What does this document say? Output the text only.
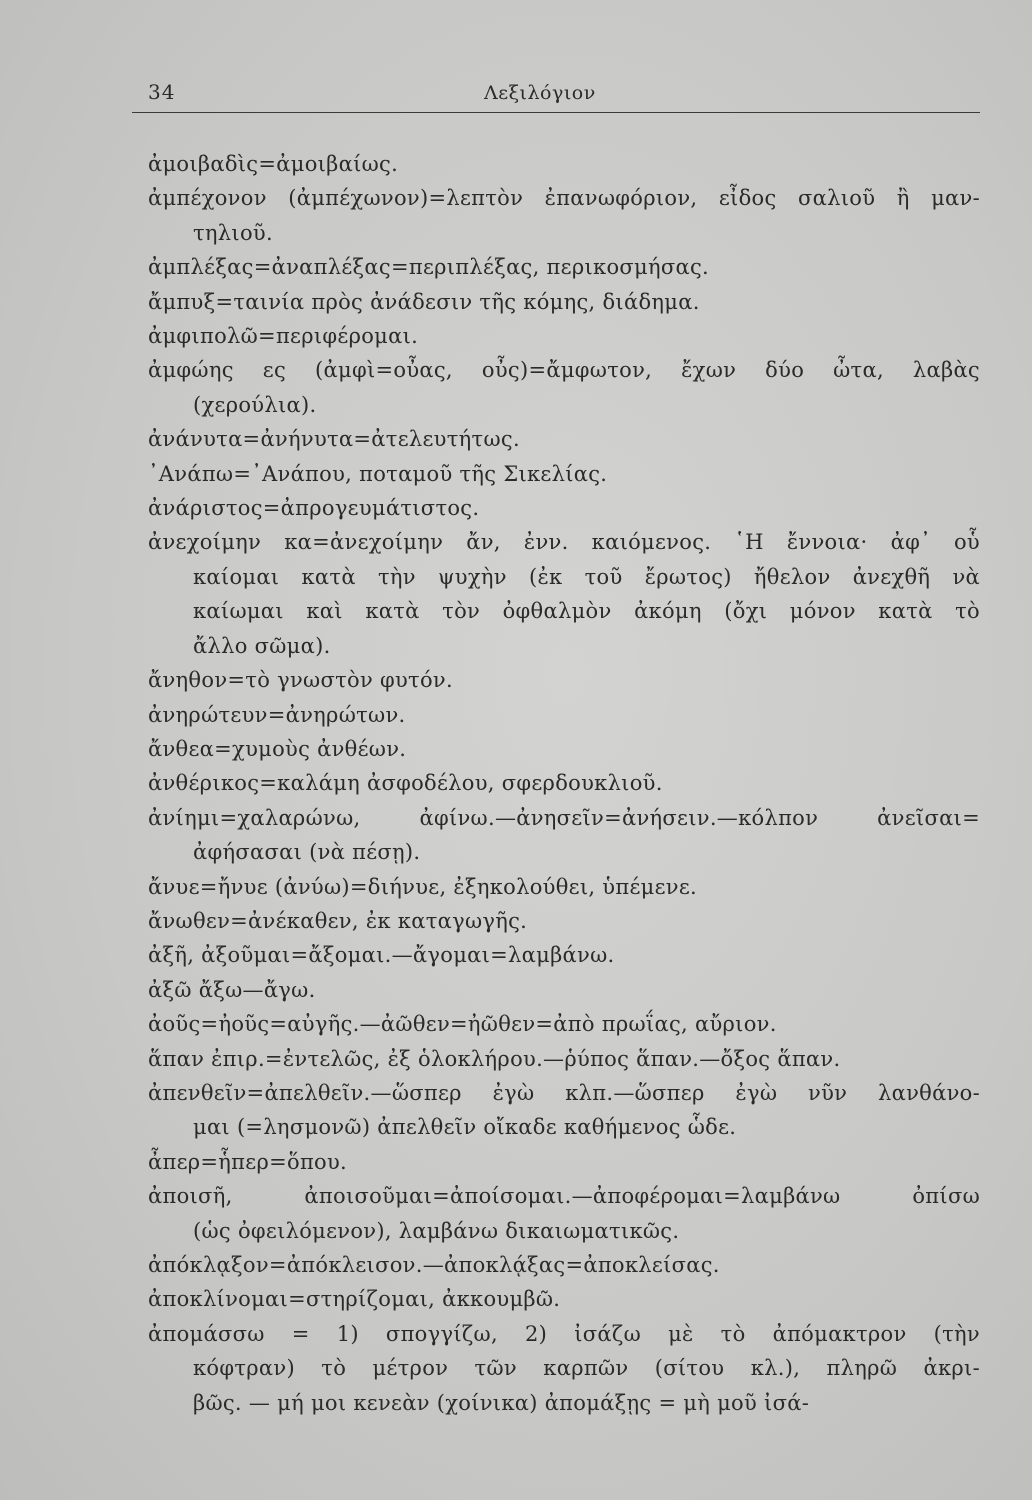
34	Λεξιλόγιον
ἀμοιβαδὶς=ἀμοιβαίως.
ἀμπέχονον (ἀμπέχωνον)=λεπτὸν ἐπανωφόριον, εἶδος σαλιοῦ ἢ μαν-
τηλιοῦ.
ἀμπλέξας=ἀναπλέξας=περιπλέξας, περικοσμήσας.
ἄμπυξ=ταινία πρὸς ἀνάδεσιν τῆς κόμης, διάδημα.
ἀμφιπολῶ=περιφέρομαι.
ἀμφώης ες (ἀμφὶ=οὖας, οὖς)=ἄμφωτον, ἔχων δύο ὦτα, λαβὰς
(χερούλια).
ἀνάνυτα=ἀνήνυτα=ἀτελευτήτως.
᾿Ανάπω=᾿Ανάπου, ποταμοῦ τῆς Σικελίας.
ἀνάριστος=ἀπρογευμάτιστος.
ἀνεχοίμην κα=ἀνεχοίμην ἄν, ἐνν. καιόμενος. ῾Η ἔννοια· ἀφ᾿ οὗ
καίομαι κατὰ τὴν ψυχὴν (ἐκ τοῦ ἔρωτος) ἤθελον ἀνεχθῆ νὰ
καίωμαι καὶ κατὰ τὸν ὀφθαλμὸν ἀκόμη (ὄχι μόνον κατὰ τὸ
ἄλλο σῶμα).
ἄνηθον=τὸ γνωστὸν φυτόν.
ἀνηρώτευν=ἀνηρώτων.
ἄνθεα=χυμοὺς ἀνθέων.
ἀνθέρικος=καλάμη ἀσφοδέλου, σφερδουκλιοῦ.
ἀνίημι=χαλαρώνω, ἀφίνω.—ἀνησεῖν=ἀνήσειν.—κόλπον ἀνεῖσαι=
ἀφήσασαι (νὰ πέσῃ).
ἄνυε=ἤνυε (ἀνύω)=διήνυε, ἐξηκολούθει, ὑπέμενε.
ἄνωθεν=ἀνέκαθεν, ἐκ καταγωγῆς.
ἀξῆ, ἀξοῦμαι=ἄξομαι.—ἄγομαι=λαμβάνω.
ἀξῶ ἄξω—ἄγω.
ἀοῦς=ἠοῦς=αὐγῆς.—ἀῶθεν=ἠῶθεν=ἀπὸ πρωΐας, αὔριον.
ἅπαν ἐπιρ.=ἐντελῶς, ἐξ ὁλοκλήρου.—ῥύπος ἅπαν.—ὄξος ἅπαν.
ἀπενθεῖν=ἀπελθεῖν.—ὥσπερ ἐγὼ κλπ.—ὥσπερ ἐγὼ νῦν λανθάνο-
μαι (=λησμονῶ) ἀπελθεῖν οἴκαδε καθήμενος ὧδε.
ἆπερ=ἧπερ=ὅπου.
ἀποισῆ, ἀποισοῦμαι=ἀποίσομαι.—ἀποφέρομαι=λαμβάνω ὀπίσω
(ὡς ὀφειλόμενον), λαμβάνω δικαιωματικῶς.
ἀπόκλᾳξον=ἀπόκλεισον.—ἀποκλᾴξας=ἀποκλείσας.
ἀποκλίνομαι=στηρίζομαι, ἀκκουμβῶ.
ἀπομάσσω = 1) σπογγίζω, 2) ἰσάζω μὲ τὸ ἀπόμακτρον (τὴν
κόφτραν) τὸ μέτρον τῶν καρπῶν (σίτου κλ.), πληρῶ ἀκρι-
βῶς. — μή μοι κενεὰν (χοίνικα) ἀπομάξῃς = μὴ μοῦ ἰσά-
